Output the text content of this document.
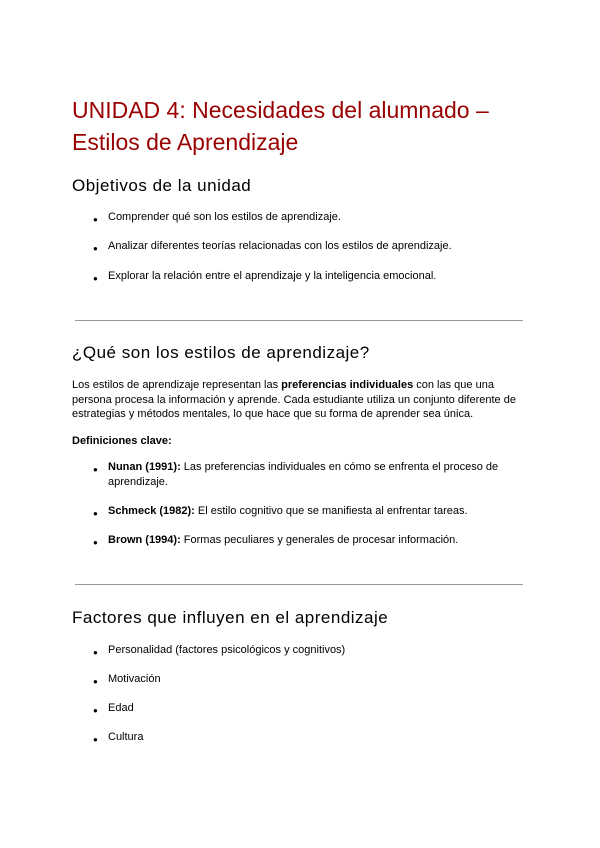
UNIDAD 4: Necesidades del alumnado – Estilos de Aprendizaje
Objetivos de la unidad
● Comprender qué son los estilos de aprendizaje.
● Analizar diferentes teorías relacionadas con los estilos de aprendizaje.
● Explorar la relación entre el aprendizaje y la inteligencia emocional.
¿Qué son los estilos de aprendizaje?
Los estilos de aprendizaje representan las preferencias individuales con las que una persona procesa la información y aprende. Cada estudiante utiliza un conjunto diferente de estrategias y métodos mentales, lo que hace que su forma de aprender sea única.
Definiciones clave:
● Nunan (1991): Las preferencias individuales en cómo se enfrenta el proceso de aprendizaje.
● Schmeck (1982): El estilo cognitivo que se manifiesta al enfrentar tareas.
● Brown (1994): Formas peculiares y generales de procesar información.
Factores que influyen en el aprendizaje
● Personalidad (factores psicológicos y cognitivos)
● Motivación
● Edad
● Cultura
